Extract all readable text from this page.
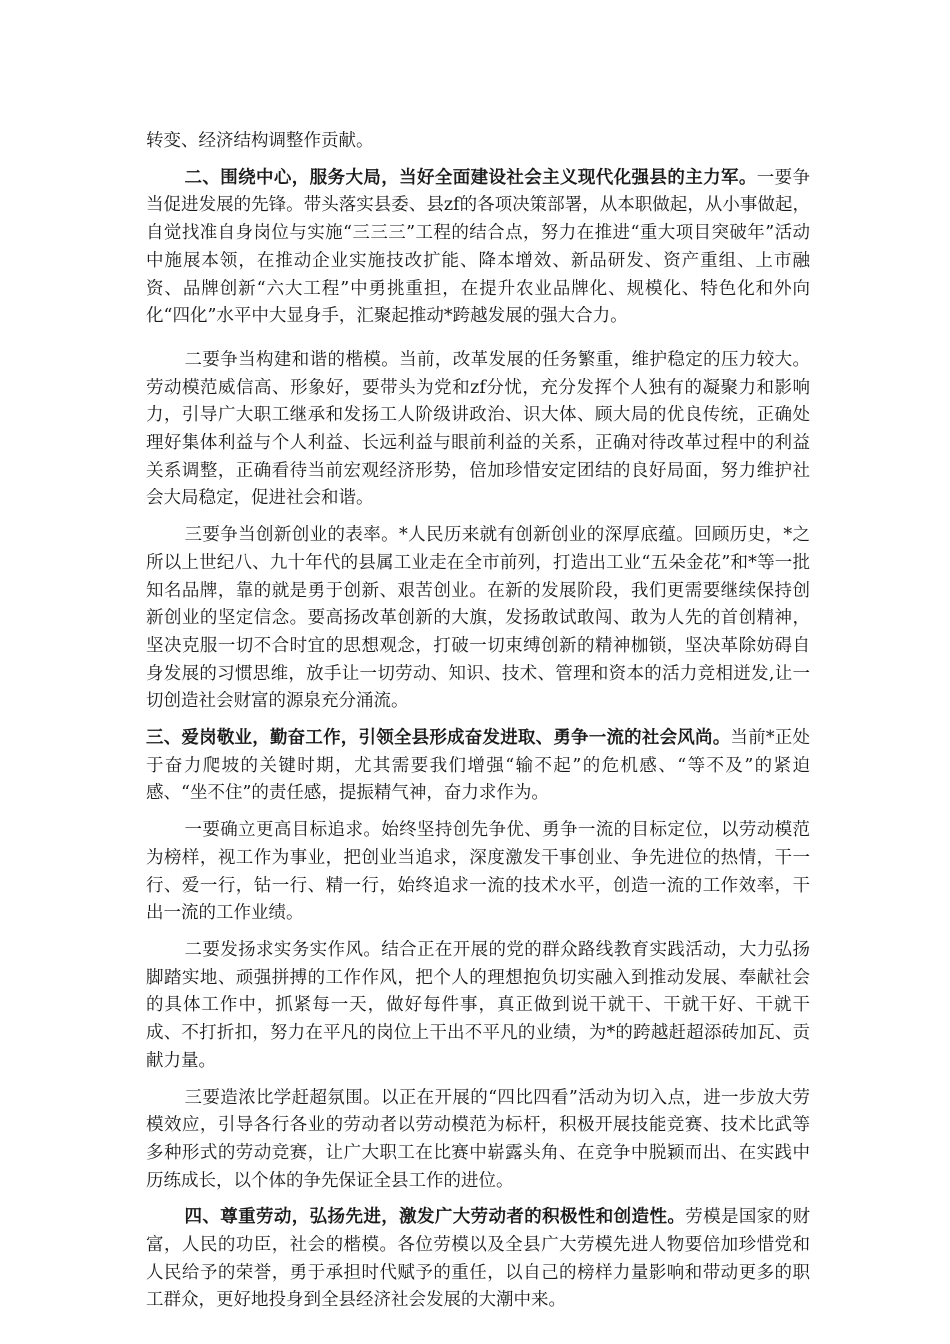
转变、经济结构调整作贡献。

二、围绕中心，服务大局，当好全面建设社会主义现代化强县的主力军。一要争当促进发展的先锋。带头落实县委、县zf的各项决策部署，从本职做起，从小事做起，自觉找准自身岗位与实施“三三三”工程的结合点，努力在推进“重大项目突破年”活动中施展本领，在推动企业实施技改扩能、降本增效、新品研发、资产重组、上市融资、品牌创新“六大工程”中勇挑重担，在提升农业品牌化、规模化、特色化和外向化“四化”水平中大显身手，汇聚起推动*跨越发展的强大合力。

二要争当构建和谐的楷模。当前，改革发展的任务繁重，维护稳定的压力较大。劳动模范威信高、形象好，要带头为党和zf分忧，充分发挥个人独有的凝聚力和影响力，引导广大职工继承和发扬工人阶级讲政治、识大体、顾大局的优良传统，正确处理好集体利益与个人利益、长远利益与眼前利益的关系，正确对待改革过程中的利益关系调整，正确看待当前宏观经济形势，倍加珍惜安定团结的良好局面，努力维护社会大局稳定，促进社会和谐。

三要争当创新创业的表率。*人民历来就有创新创业的深厚底蕴。回顾历史，*之所以上世纪八、九十年代的县属工业走在全市前列，打造出工业“五朵金花”和*等一批知名品牌，靠的就是勇于创新、艰苦创业。在新的发展阶段，我们更需要继续保持创新创业的坚定信念。要高扬改革创新的大旗，发扬敢试敢闯、敢为人先的首创精神，坚决克服一切不合时宜的思想观念，打破一切束缚创新的精神枷锁，坚决革除妨碍自身发展的习惯思维，放手让一切劳动、知识、技术、管理和资本的活力竞相迸发,让一切创造社会财富的源泉充分涌流。

三、爱岗敬业，勤奋工作，引领全县形成奋发进取、勇争一流的社会风尚。当前*正处于奋力爬坡的关键时期，尤其需要我们增强“输不起”的危机感、“等不及”的紧迫感、“坐不住”的责任感，提振精气神，奋力求作为。

一要确立更高目标追求。始终坚持创先争优、勇争一流的目标定位，以劳动模范为榜样，视工作为事业，把创业当追求，深度激发干事创业、争先进位的热情，干一行、爱一行，钻一行、精一行，始终追求一流的技术水平，创造一流的工作效率，干出一流的工作业绩。

二要发扬求实务实作风。结合正在开展的党的群众路线教育实践活动，大力弘扬脚踏实地、顽强拼搏的工作作风，把个人的理想抱负切实融入到推动发展、奉献社会的具体工作中，抓紧每一天，做好每件事，真正做到说干就干、干就干好、干就干成、不打折扣，努力在平凡的岗位上干出不平凡的业绩，为*的跨越赶超添砖加瓦、贡献力量。

三要造浓比学赶超氛围。以正在开展的“四比四看”活动为切入点，进一步放大劳模效应，引导各行各业的劳动者以劳动模范为标杆，积极开展技能竞赛、技术比武等多种形式的劳动竞赛，让广大职工在比赛中崭露头角、在竞争中脱颖而出、在实践中历练成长，以个体的争先保证全县工作的进位。

四、尊重劳动，弘扬先进，激发广大劳动者的积极性和创造性。劳模是国家的财富，人民的功臣，社会的楷模。各位劳模以及全县广大劳模先进人物要倍加珍惜党和人民给予的荣誉，勇于承担时代赋予的重任，以自己的榜样力量影响和带动更多的职工群众，更好地投身到全县经济社会发展的大潮中来。
